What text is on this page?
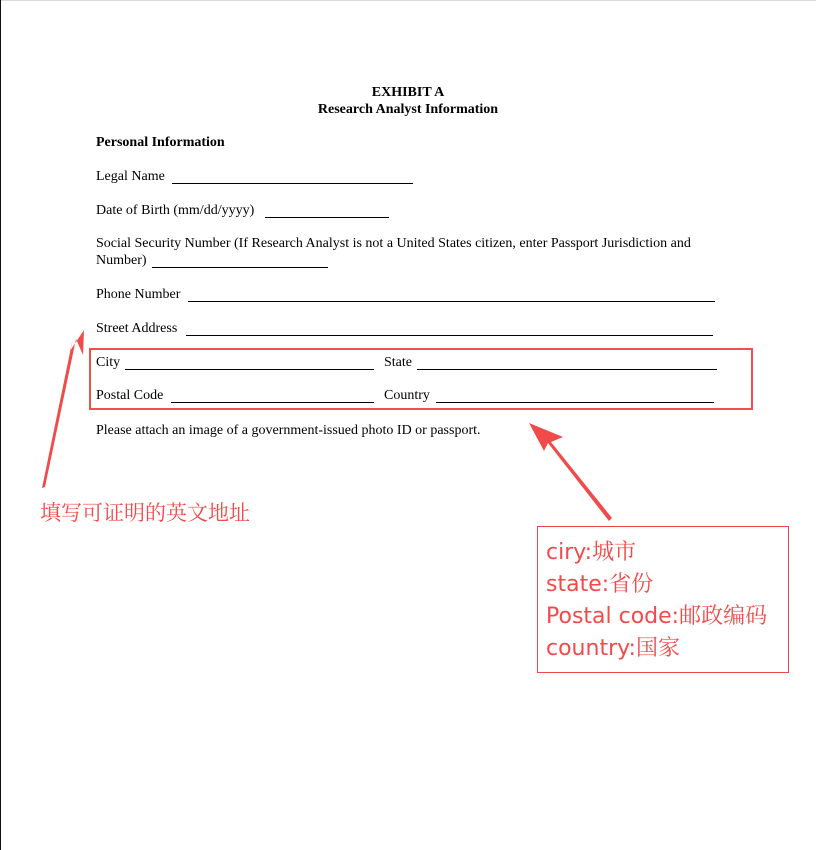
EXHIBIT A
Research Analyst Information
Personal Information
Legal Name
Date of Birth (mm/dd/yyyy)
Social Security Number (If Research Analyst is not a United States citizen, enter Passport Jurisdiction and
Number)
Phone Number
Street Address
City	State
Postal Code	Country
Please attach an image of a government-issued photo ID or passport.
填写可证明的英文地址
ciry:城市
state:省份
Postal code:邮政编码
country:国家
